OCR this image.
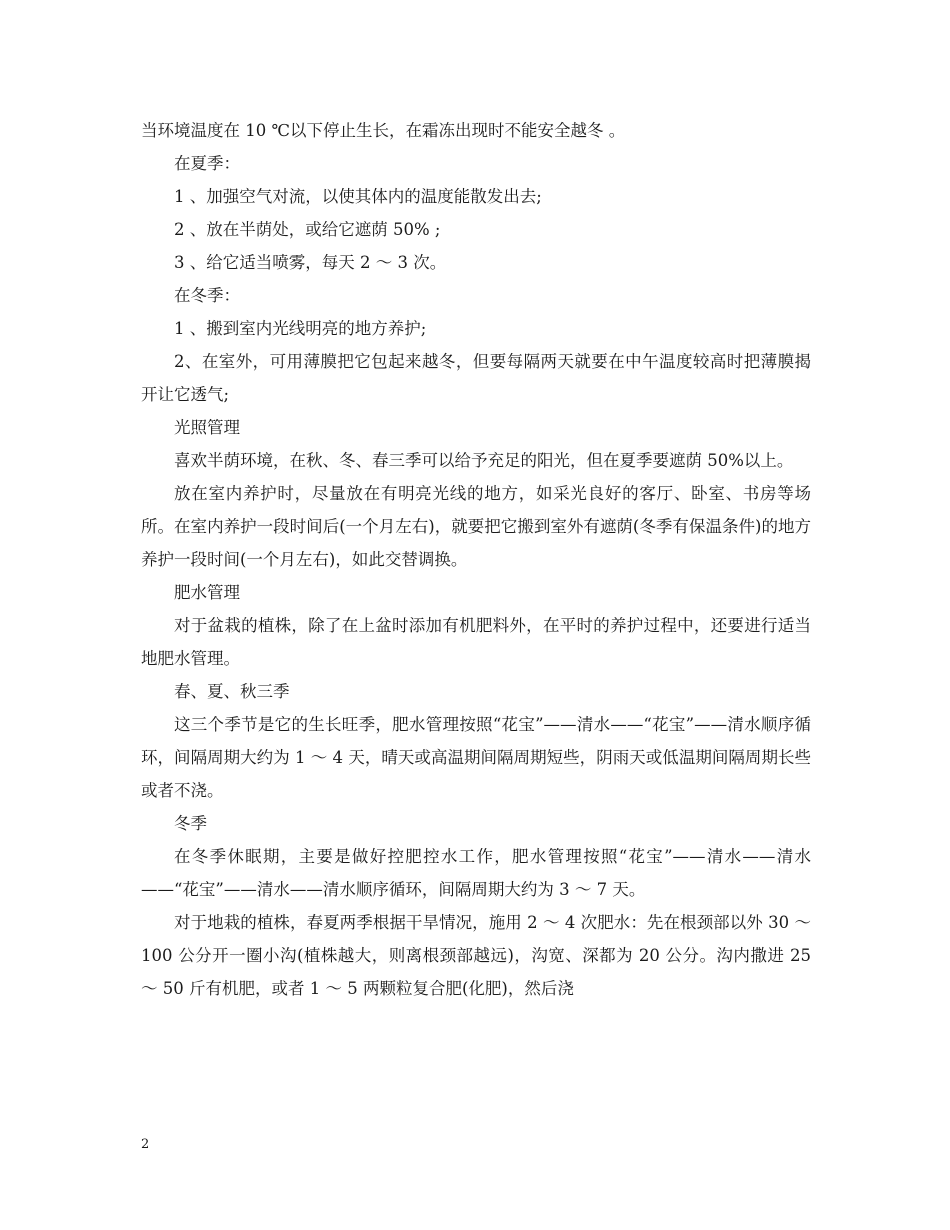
当环境温度在 10 ℃以下停止生长，在霜冻出现时不能安全越冬 。

在夏季：

1 、加强空气对流，以使其体内的温度能散发出去;

2 、放在半荫处，或给它遮荫 50% ;

3 、给它适当喷雾，每天 2 ～ 3 次。

在冬季：

1 、搬到室内光线明亮的地方养护;

2、在室外，可用薄膜把它包起来越冬，但要每隔两天就要在中午温度较高时把薄膜揭开让它透气;

光照管理

喜欢半荫环境，在秋、冬、春三季可以给予充足的阳光，但在夏季要遮荫 50%以上。

放在室内养护时，尽量放在有明亮光线的地方，如采光良好的客厅、卧室、书房等场所。在室内养护一段时间后(一个月左右)，就要把它搬到室外有遮荫(冬季有保温条件)的地方养护一段时间(一个月左右)，如此交替调换。

肥水管理

对于盆栽的植株，除了在上盆时添加有机肥料外，在平时的养护过程中，还要进行适当地肥水管理。

春、夏、秋三季

这三个季节是它的生长旺季，肥水管理按照“花宝”——清水——“花宝”——清水顺序循环，间隔周期大约为 1 ～ 4 天，晴天或高温期间隔周期短些，阴雨天或低温期间隔周期长些或者不浇。

冬季

在冬季休眠期，主要是做好控肥控水工作，肥水管理按照“花宝”——清水——清水——“花宝”——清水——清水顺序循环，间隔周期大约为 3 ～ 7 天。

对于地栽的植株，春夏两季根据干旱情况，施用 2 ～ 4 次肥水：先在根颈部以外 30 ～ 100 公分开一圈小沟(植株越大，则离根颈部越远)，沟宽、深都为 20 公分。沟内撒进 25 ～ 50 斤有机肥，或者 1 ～ 5 两颗粒复合肥(化肥)，然后浇

2
